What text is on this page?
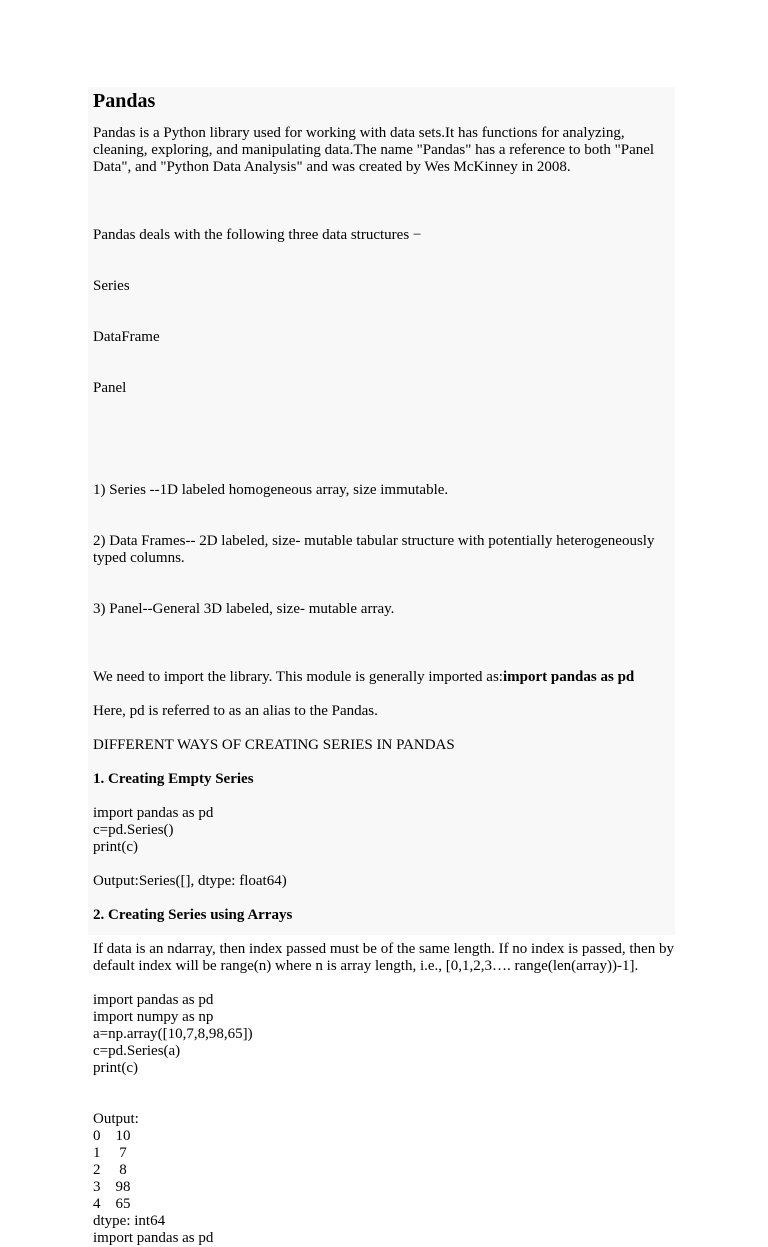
Pandas
Pandas is a Python library used for working with data sets.It has functions for analyzing, cleaning, exploring, and manipulating data.The name "Pandas" has a reference to both "Panel Data", and "Python Data Analysis" and was created by Wes McKinney in 2008.

Pandas deals with the following three data structures −

Series

DataFrame

Panel

1) Series --1D labeled homogeneous array, size immutable.

2) Data Frames-- 2D labeled, size- mutable tabular structure with potentially heterogeneously typed columns.

3) Panel--General 3D labeled, size- mutable array.

We need to import the library. This module is generally imported as:import pandas as pd
Here, pd is referred to as an alias to the Pandas.
DIFFERENT WAYS OF CREATING SERIES IN PANDAS
1. Creating Empty Series
import pandas as pd
c=pd.Series()
print(c)
Output:Series([], dtype: float64)
2. Creating Series using Arrays
If data is an ndarray, then index passed must be of the same length. If no index is passed, then by default index will be range(n) where n is array length, i.e., [0,1,2,3…. range(len(array))-1].
import pandas as pd
import numpy as np
a=np.array([10,7,8,98,65])
c=pd.Series(a)
print(c)
Output:
0    10
1     7
2     8
3    98
4    65
dtype: int64
import pandas as pd
